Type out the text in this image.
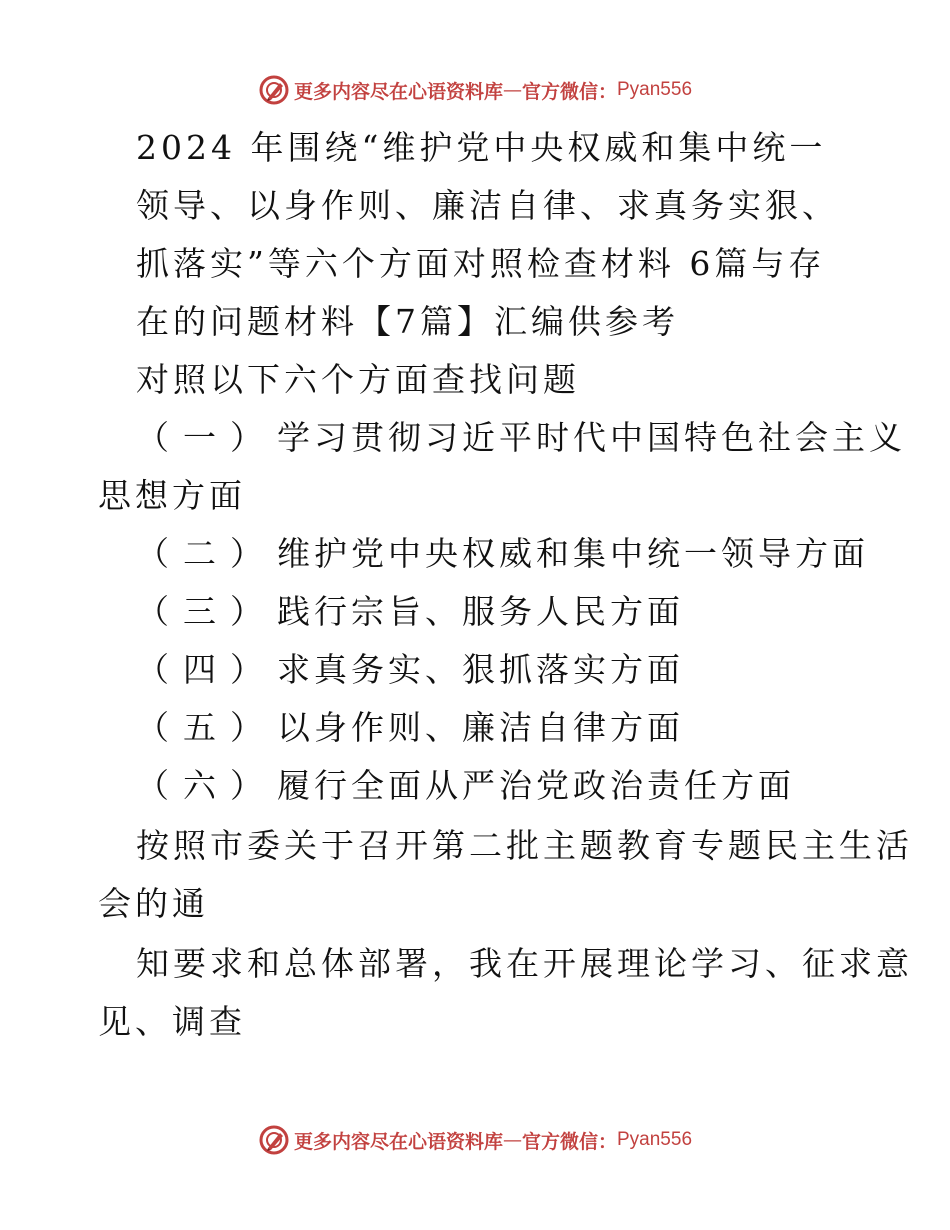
更多内容尽在心语资料库 — 官方微信： Pyan556
2024 年围绕“维护党中央权威和集中统一
领导、以身作则、廉洁自律、求真务实狠、
抓落实”等六个方面对照检查材料 6篇与存
在的问题材料【7篇】汇编供参考
对照以下六个方面查找问题
（一）学习贯彻习近平时代中国特色社会主义
思想方面
（二）维护党中央权威和集中统一领导方面
（三）践行宗旨、服务人民方面
（四）求真务实、狠抓落实方面
（五）以身作则、廉洁自律方面
（六）履行全面从严治党政治责任方面
按照市委关于召开第二批主题教育专题民主生活
会的通
知要求和总体部署，我在开展理论学习、征求意
见、调查
更多内容尽在心语资料库 — 官方微信： Pyan556
